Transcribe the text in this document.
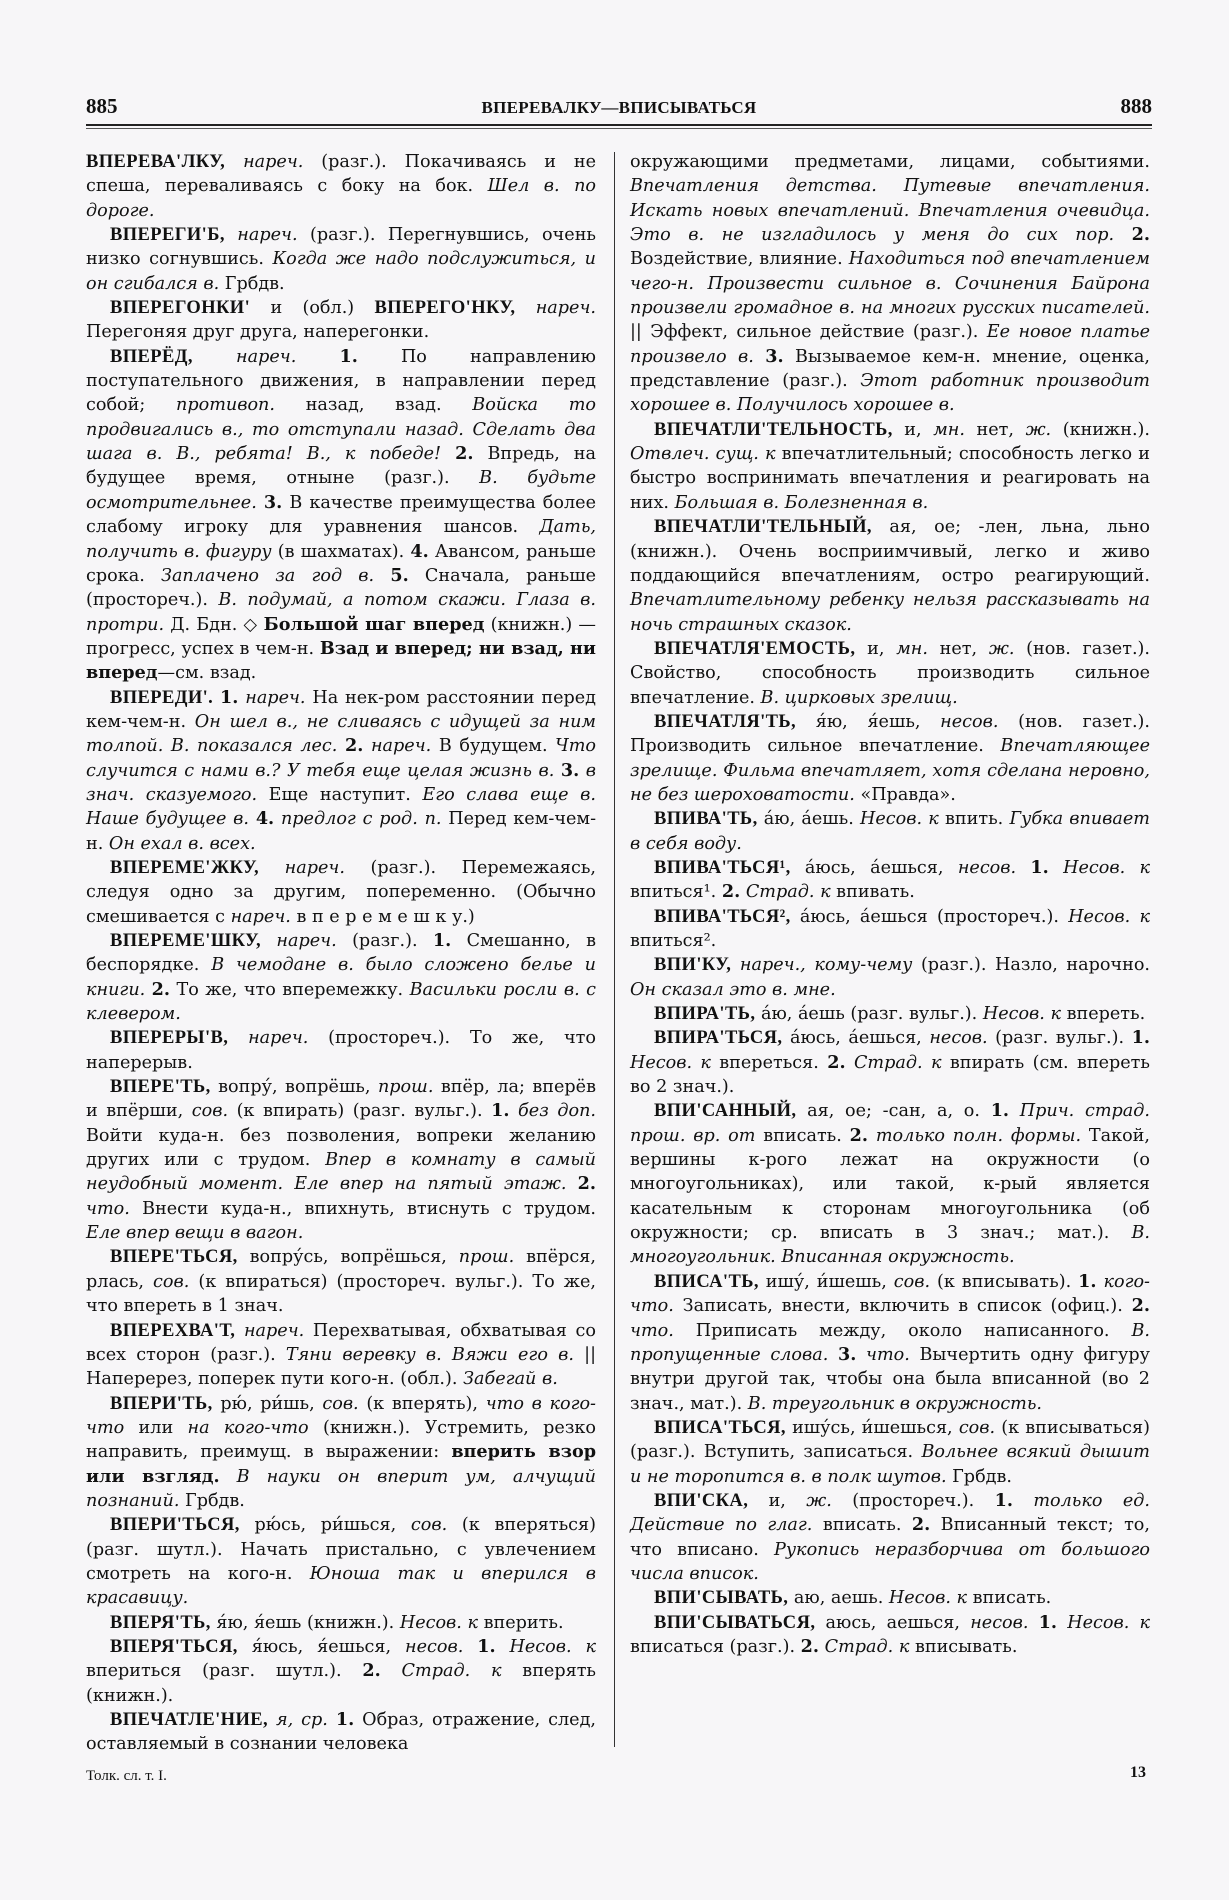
885	ВПЕРЕВАЛКУ—ВПИСЫВАТЬСЯ	888

ВПЕРЕВА'ЛКУ, нареч. (разг.). Покачиваясь и не спеша, переваливаясь с боку на бок. Шел в. по дороге.

ВПЕРЕГИ'Б, нареч. (разг.). Перегнувшись, очень низко согнувшись. Когда же надо подслужиться, и он сгибался в. Грбдв.

ВПЕРЕГОНКИ' и (обл.) ВПЕРЕГО'НКУ, нареч. Перегоняя друг друга, наперегонки.

ВПЕРЁД, нареч. 1. По направлению поступательного движения, в направлении перед собой; противоп. назад, взад. Войска то продвигались в., то отступали назад. Сделать два шага в. В., ребята! В., к победе! 2. Впредь, на будущее время, отныне (разг.). В. будьте осмотрительнее. 3. В качестве преимущества более слабому игроку для уравнения шансов. Дать, получить в. фигуру (в шахматах). 4. Авансом, раньше срока. Заплачено за год в. 5. Сначала, раньше (простореч.). В. подумай, а потом скажи. Глаза в. протри. Д. Бдн. ◇ Большой шаг вперед (книжн.) — прогресс, успех в чем-н. Взад и вперед; ни взад, ни вперед—см. взад.

ВПЕРЕДИ'. 1. нареч. На нек-ром расстоянии перед кем-чем-н. Он шел в., не сливаясь с идущей за ним толпой. В. показался лес. 2. нареч. В будущем. Что случится с нами в.? У тебя еще целая жизнь в. 3. в знач. сказуемого. Еще наступит. Его слава еще в. Наше будущее в. 4. предлог с род. п. Перед кем-чем-н. Он ехал в. всех.

ВПЕРЕМЕ'ЖКУ, нареч. (разг.). Перемежаясь, следуя одно за другим, попеременно. (Обычно смешивается с нареч. в п е р е м е ш к у.)

ВПЕРЕМЕ'ШКУ, нареч. (разг.). 1. Смешанно, в беспорядке. В чемодане в. было сложено белье и книги. 2. То же, что вперемежку. Васильки росли в. с клевером.

ВПЕРЕРЫ'В, нареч. (простореч.). То же, что наперерыв.

ВПЕРЕ'ТЬ, вопру́, вопрёшь, прош. впёр, ла; вперёв и впёрши, сов. (к впирать) (разг. вульг.). 1. без доп. Войти куда-н. без позволения, вопреки желанию других или с трудом. Впер в комнату в самый неудобный момент. Еле впер на пятый этаж. 2. что. Внести куда-н., впихнуть, втиснуть с трудом. Еле впер вещи в вагон.

ВПЕРЕ'ТЬСЯ, вопру́сь, вопрёшься, прош. впёрся, рлась, сов. (к впираться) (простореч. вульг.). То же, что впереть в 1 знач.

ВПЕРЕХВА'Т, нареч. Перехватывая, обхватывая со всех сторон (разг.). Тяни веревку в. Вяжи его в. || Наперерез, поперек пути кого-н. (обл.). Забегай в.

ВПЕРИ'ТЬ, рю́, ри́шь, сов. (к вперять), что в кого-что или на кого-что (книжн.). Устремить, резко направить, преимущ. в выражении: вперить взор или взгляд. В науки он вперит ум, алчущий познаний. Грбдв.

ВПЕРИ'ТЬСЯ, рю́сь, ри́шься, сов. (к вперяться) (разг. шутл.). Начать пристально, с увлечением смотреть на кого-н. Юноша так и вперился в красавицу.

ВПЕРЯ'ТЬ, я́ю, я́ешь (книжн.). Несов. к вперить.

ВПЕРЯ'ТЬСЯ, я́юсь, я́ешься, несов. 1. Несов. к впериться (разг. шутл.). 2. Страд. к вперять (книжн.).

ВПЕЧАТЛЕ'НИЕ, я, ср. 1. Образ, отражение, след, оставляемый в сознании человека

окружающими предметами, лицами, событиями. Впечатления детства. Путевые впечатления. Искать новых впечатлений. Впечатления очевидца. Это в. не изгладилось у меня до сих пор. 2. Воздействие, влияние. Находиться под впечатлением чего-н. Произвести сильное в. Сочинения Байрона произвели громадное в. на многих русских писателей. || Эффект, сильное действие (разг.). Ее новое платье произвело в. 3. Вызываемое кем-н. мнение, оценка, представление (разг.). Этот работник производит хорошее в. Получилось хорошее в.

ВПЕЧАТЛИ'ТЕЛЬНОСТЬ, и, мн. нет, ж. (книжн.). Отвлеч. сущ. к впечатлительный; способность легко и быстро воспринимать впечатления и реагировать на них. Большая в. Болезненная в.

ВПЕЧАТЛИ'ТЕЛЬНЫЙ, ая, ое; -лен, льна, льно (книжн.). Очень восприимчивый, легко и живо поддающийся впечатлениям, остро реагирующий. Впечатлительному ребенку нельзя рассказывать на ночь страшных сказок.

ВПЕЧАТЛЯ'ЕМОСТЬ, и, мн. нет, ж. (нов. газет.). Свойство, способность производить сильное впечатление. В. цирковых зрелищ.

ВПЕЧАТЛЯ'ТЬ, я́ю, я́ешь, несов. (нов. газет.). Производить сильное впечатление. Впечатляющее зрелище. Фильма впечатляет, хотя сделана неровно, не без шероховатости. «Правда».

ВПИВА'ТЬ, а́ю, а́ешь. Несов. к впить. Губка впивает в себя воду.

ВПИВА'ТЬСЯ¹, а́юсь, а́ешься, несов. 1. Несов. к впиться¹. 2. Страд. к впивать.

ВПИВА'ТЬСЯ², а́юсь, а́ешься (простореч.). Несов. к впиться².

ВПИ'КУ, нареч., кому-чему (разг.). Назло, нарочно. Он сказал это в. мне.

ВПИРА'ТЬ, а́ю, а́ешь (разг. вульг.). Несов. к впереть.

ВПИРА'ТЬСЯ, а́юсь, а́ешься, несов. (разг. вульг.). 1. Несов. к впереться. 2. Страд. к впирать (см. впереть во 2 знач.).

ВПИ'САННЫЙ, ая, ое; -сан, а, о. 1. Прич. страд. прош. вр. от вписать. 2. только полн. формы. Такой, вершины к-рого лежат на окружности (о многоугольниках), или такой, к-рый является касательным к сторонам многоугольника (об окружности; ср. вписать в 3 знач.; мат.). В. многоугольник. Вписанная окружность.

ВПИСА'ТЬ, ишу́, и́шешь, сов. (к вписывать). 1. кого-что. Записать, внести, включить в список (офиц.). 2. что. Приписать между, около написанного. В. пропущенные слова. 3. что. Вычертить одну фигуру внутри другой так, чтобы она была вписанной (во 2 знач., мат.). В. треугольник в окружность.

ВПИСА'ТЬСЯ, ишу́сь, и́шешься, сов. (к вписываться) (разг.). Вступить, записаться. Вольнее всякий дышит и не торопится в. в полк шутов. Грбдв.

ВПИ'СКА, и, ж. (простореч.). 1. только ед. Действие по глаг. вписать. 2. Вписанный текст; то, что вписано. Рукопись неразборчива от большого числа вписок.

ВПИ'СЫВАТЬ, аю, аешь. Несов. к вписать.

ВПИ'СЫВАТЬСЯ, аюсь, аешься, несов. 1. Несов. к вписаться (разг.). 2. Страд. к вписывать.

Толк. сл. т. I.	13
